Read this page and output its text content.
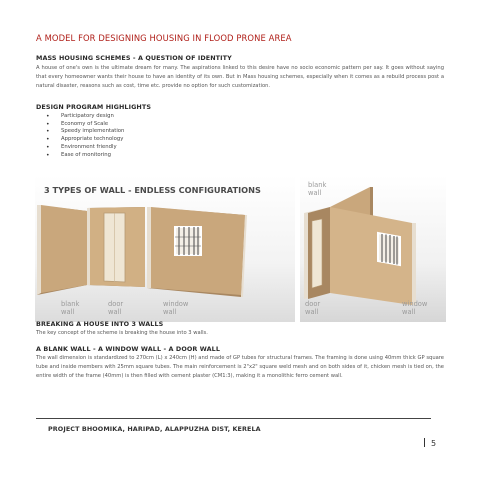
A MODEL FOR DESIGNING HOUSING IN FLOOD PRONE AREA
MASS HOUSING SCHEMES - A QUESTION OF IDENTITY
A house of one's own is the ultimate dream for many. The aspirations linked to this desire have no socio economic pattern per say. It goes without saying that every homeowner wants their house to have an identity of its own. But in Mass housing schemes, especially when it comes as a rebuild process post a natural disaster, reasons such as cost, time etc. provide no option for such customization.
DESIGN PROGRAM HIGHLIGHTS
• Participatory design
• Economy of Scale
• Speedy implementation
• Appropriate technology
• Environment friendly
• Ease of monitoring
3 TYPES OF WALL - ENDLESS CONFIGURATIONS
blank
wall
door
wall
window
wall
blank
wall
door
wall
window
wall
BREAKING A HOUSE INTO 3 WALLS
The key concept of the scheme is breaking the house into 3 walls.
A BLANK WALL - A WINDOW WALL - A DOOR WALL
The wall dimension is standardized to 270cm (L) x 240cm (H) and made of GP tubes for structural frames. The framing is done using 40mm thick GP square tube and inside members with 25mm square tubes. The main reinforcement is 2"x2" square weld mesh and on both sides of it, chicken mesh is tied on, the entire width of the frame (40mm) is then filled with cement plaster (CM1:3), making it a monolithic ferro cement wall.
PROJECT BHOOMIKA, HARIPAD, ALAPPUZHA DIST, KERELA
5
